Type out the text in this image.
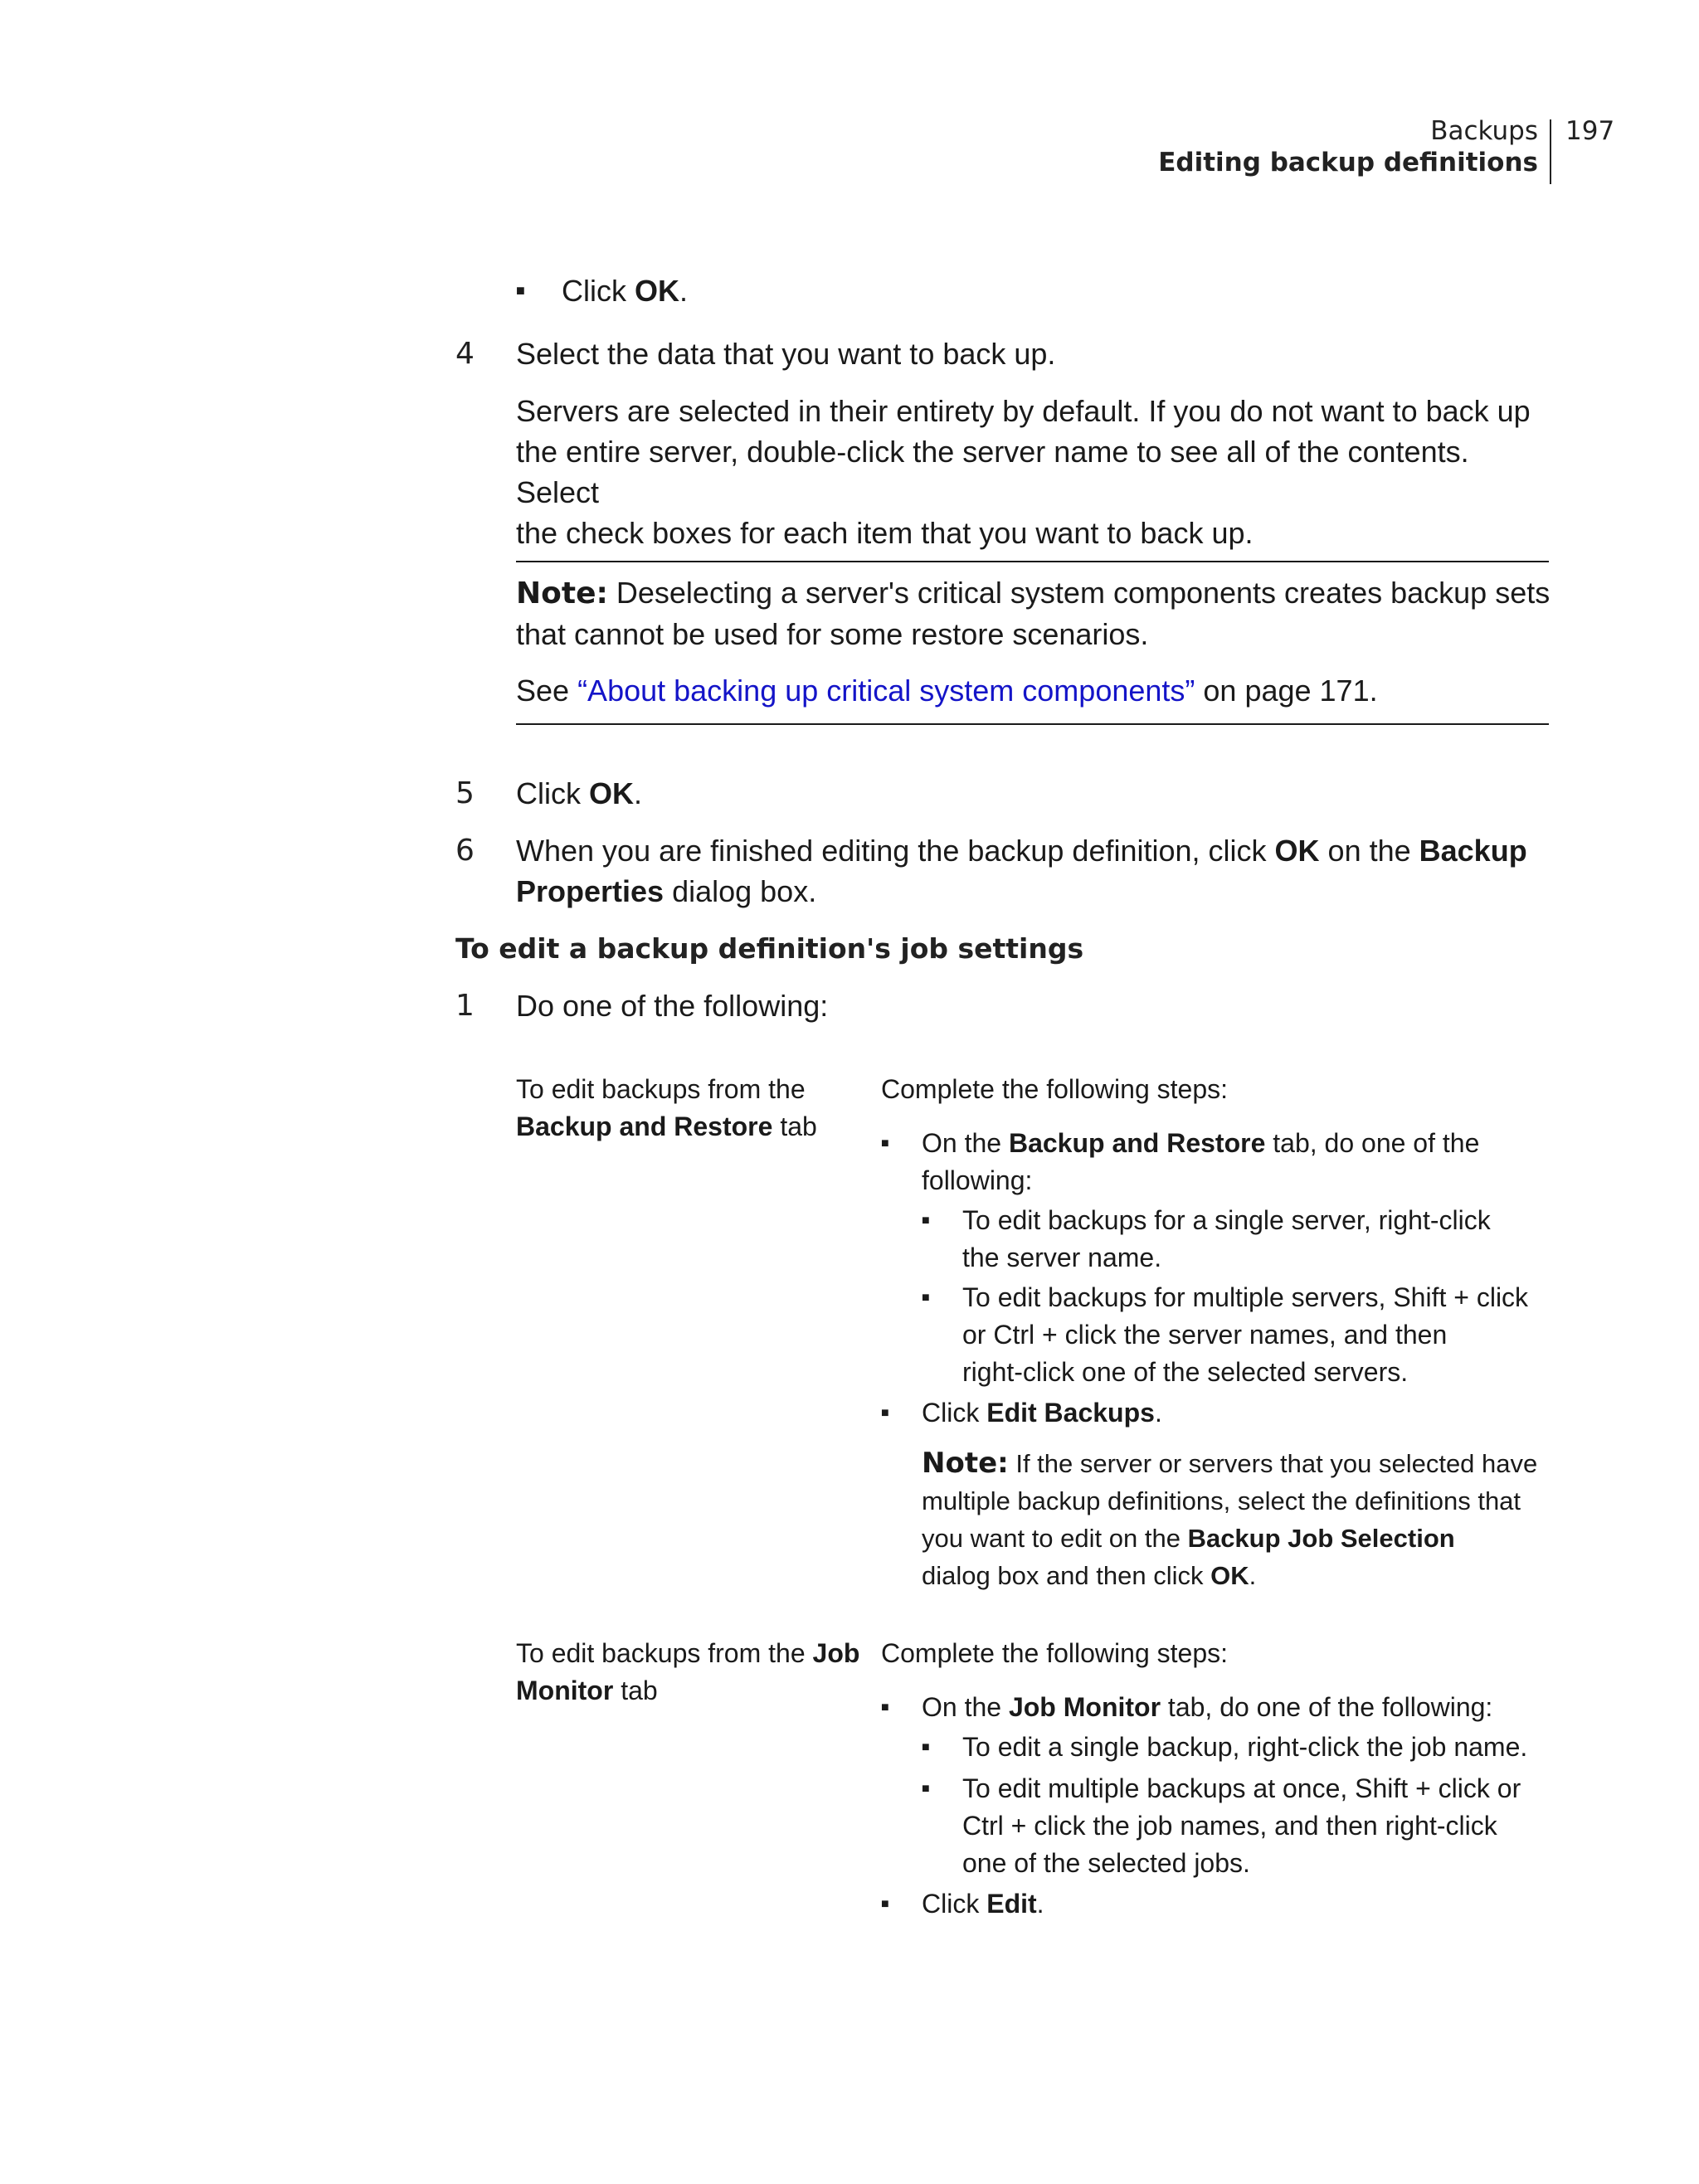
Backups
Editing backup definitions
197
■ Click OK.
4 Select the data that you want to back up.
Servers are selected in their entirety by default. If you do not want to back up
the entire server, double-click the server name to see all of the contents. Select
the check boxes for each item that you want to back up.
Note: Deselecting a server's critical system components creates backup sets
that cannot be used for some restore scenarios.
See “About backing up critical system components” on page 171.
5 Click OK.
6 When you are finished editing the backup definition, click OK on the Backup
Properties dialog box.
To edit a backup definition's job settings
1 Do one of the following:
To edit backups from the
Backup and Restore tab
Complete the following steps:
■ On the Backup and Restore tab, do one of the
following:
■ To edit backups for a single server, right-click
the server name.
■ To edit backups for multiple servers, Shift + click
or Ctrl + click the server names, and then
right-click one of the selected servers.
■ Click Edit Backups.
Note: If the server or servers that you selected have
multiple backup definitions, select the definitions that
you want to edit on the Backup Job Selection
dialog box and then click OK.
To edit backups from the Job
Monitor tab
Complete the following steps:
■ On the Job Monitor tab, do one of the following:
■ To edit a single backup, right-click the job name.
■ To edit multiple backups at once, Shift + click or
Ctrl + click the job names, and then right-click
one of the selected jobs.
■ Click Edit.
